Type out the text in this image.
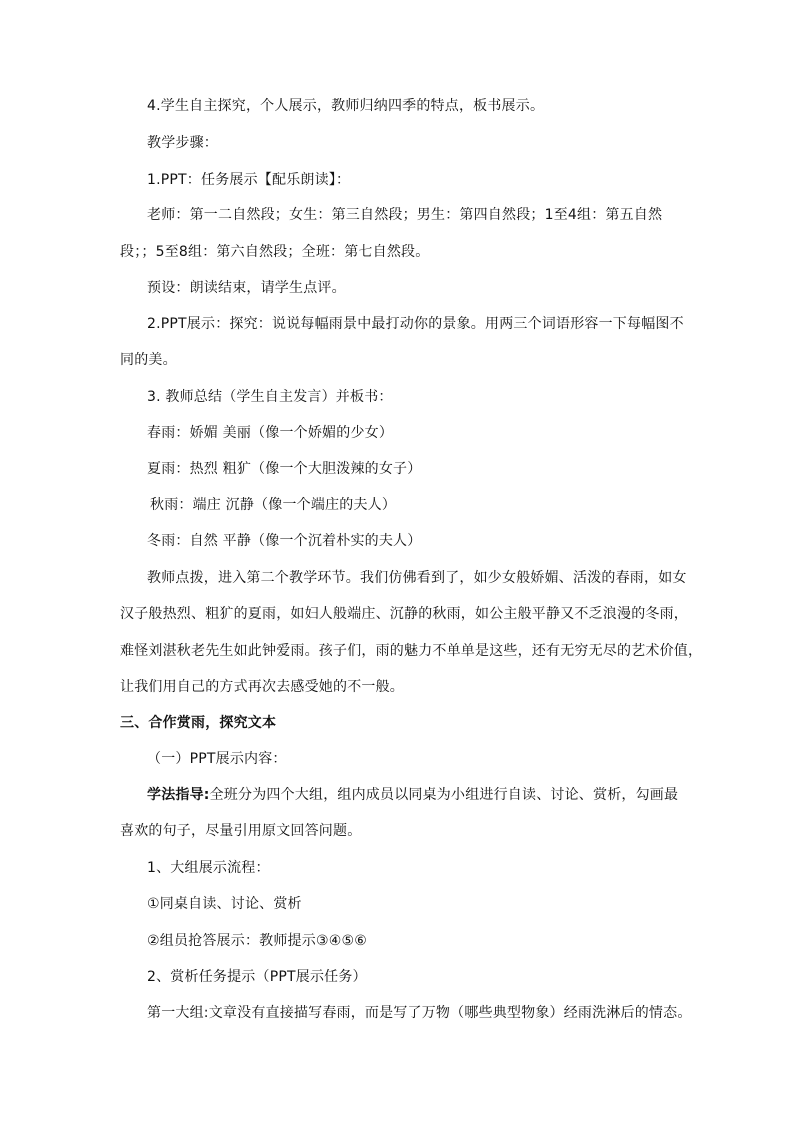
4.学生自主探究，个人展示，教师归纳四季的特点，板书展示。
教学步骤：
1.PPT：任务展示【配乐朗读】：
老师：第一二自然段；女生：第三自然段；男生：第四自然段；1至4组：第五自然
段；；5至8组：第六自然段；全班：第七自然段。
预设：朗读结束，请学生点评。
2.PPT展示：探究：说说每幅雨景中最打动你的景象。用两三个词语形容一下每幅图不
同的美。
3. 教师总结（学生自主发言）并板书：
春雨：娇媚 美丽（像一个娇媚的少女）
夏雨：热烈 粗犷（像一个大胆泼辣的女子）
秋雨：端庄 沉静（像一个端庄的夫人）
冬雨：自然 平静（像一个沉着朴实的夫人）
教师点拨，进入第二个教学环节。我们仿佛看到了，如少女般娇媚、活泼的春雨，如女
汉子般热烈、粗犷的夏雨，如妇人般端庄、沉静的秋雨，如公主般平静又不乏浪漫的冬雨，
难怪刘湛秋老先生如此钟爱雨。孩子们，雨的魅力不单单是这些，还有无穷无尽的艺术价值，
让我们用自己的方式再次去感受她的不一般。
三、合作赏雨，探究文本
（一）PPT展示内容：
学法指导:全班分为四个大组，组内成员以同桌为小组进行自读、讨论、赏析，勾画最
喜欢的句子，尽量引用原文回答问题。
1、大组展示流程：
①同桌自读、讨论、赏析
②组员抢答展示：教师提示③④⑤⑥
2、赏析任务提示（PPT展示任务）
第一大组:文章没有直接描写春雨，而是写了万物（哪些典型物象）经雨洗淋后的情态。
